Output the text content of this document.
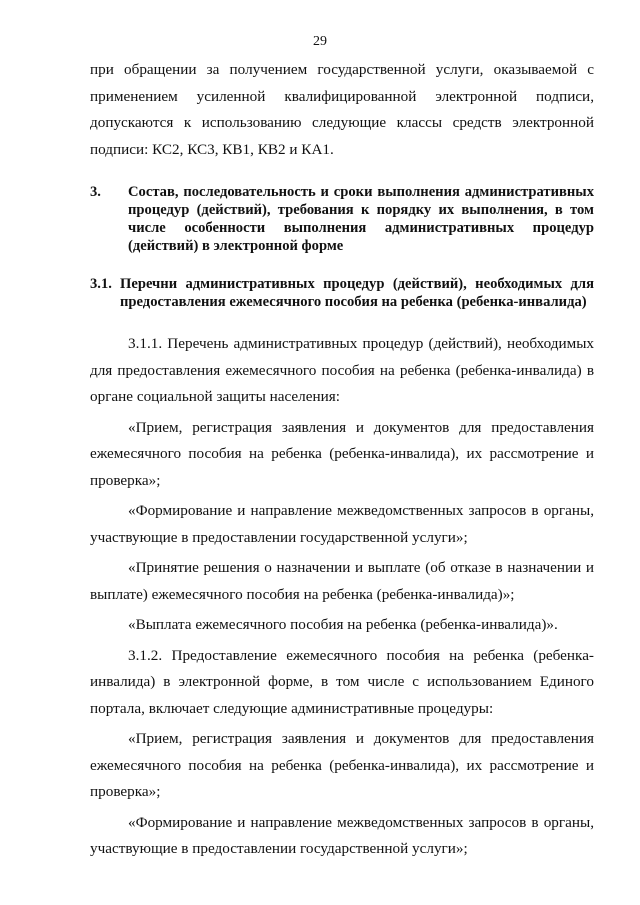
29

при обращении за получением государственной услуги, оказываемой с применением усиленной квалифицированной электронной подписи, допускаются к использованию следующие классы средств электронной подписи: КС2, КС3, КВ1, КВ2 и КА1.

3.	Состав, последовательность и сроки выполнения административных процедур (действий), требования к порядку их выполнения, в том числе особенности выполнения административных процедур (действий) в электронной форме
3.1. Перечни административных процедур (действий), необходимых для предоставления ежемесячного пособия на ребенка (ребенка-инвалида)

3.1.1. Перечень административных процедур (действий), необходимых для предоставления ежемесячного пособия на ребенка (ребенка-инвалида) в органе социальной защиты населения:

«Прием, регистрация заявления и документов для предоставления ежемесячного пособия на ребенка (ребенка-инвалида), их рассмотрение и проверка»;

«Формирование и направление межведомственных запросов в органы, участвующие в предоставлении государственной услуги»;

«Принятие решения о назначении и выплате (об отказе в назначении и выплате) ежемесячного пособия на ребенка (ребенка-инвалида)»;

«Выплата ежемесячного пособия на ребенка (ребенка-инвалида)».

3.1.2. Предоставление ежемесячного пособия на ребенка (ребенка-инвалида) в электронной форме, в том числе с использованием Единого портала, включает следующие административные процедуры:

«Прием, регистрация заявления и документов для предоставления ежемесячного пособия на ребенка (ребенка-инвалида), их рассмотрение и проверка»;

«Формирование и направление межведомственных запросов в органы, участвующие в предоставлении государственной услуги»;
